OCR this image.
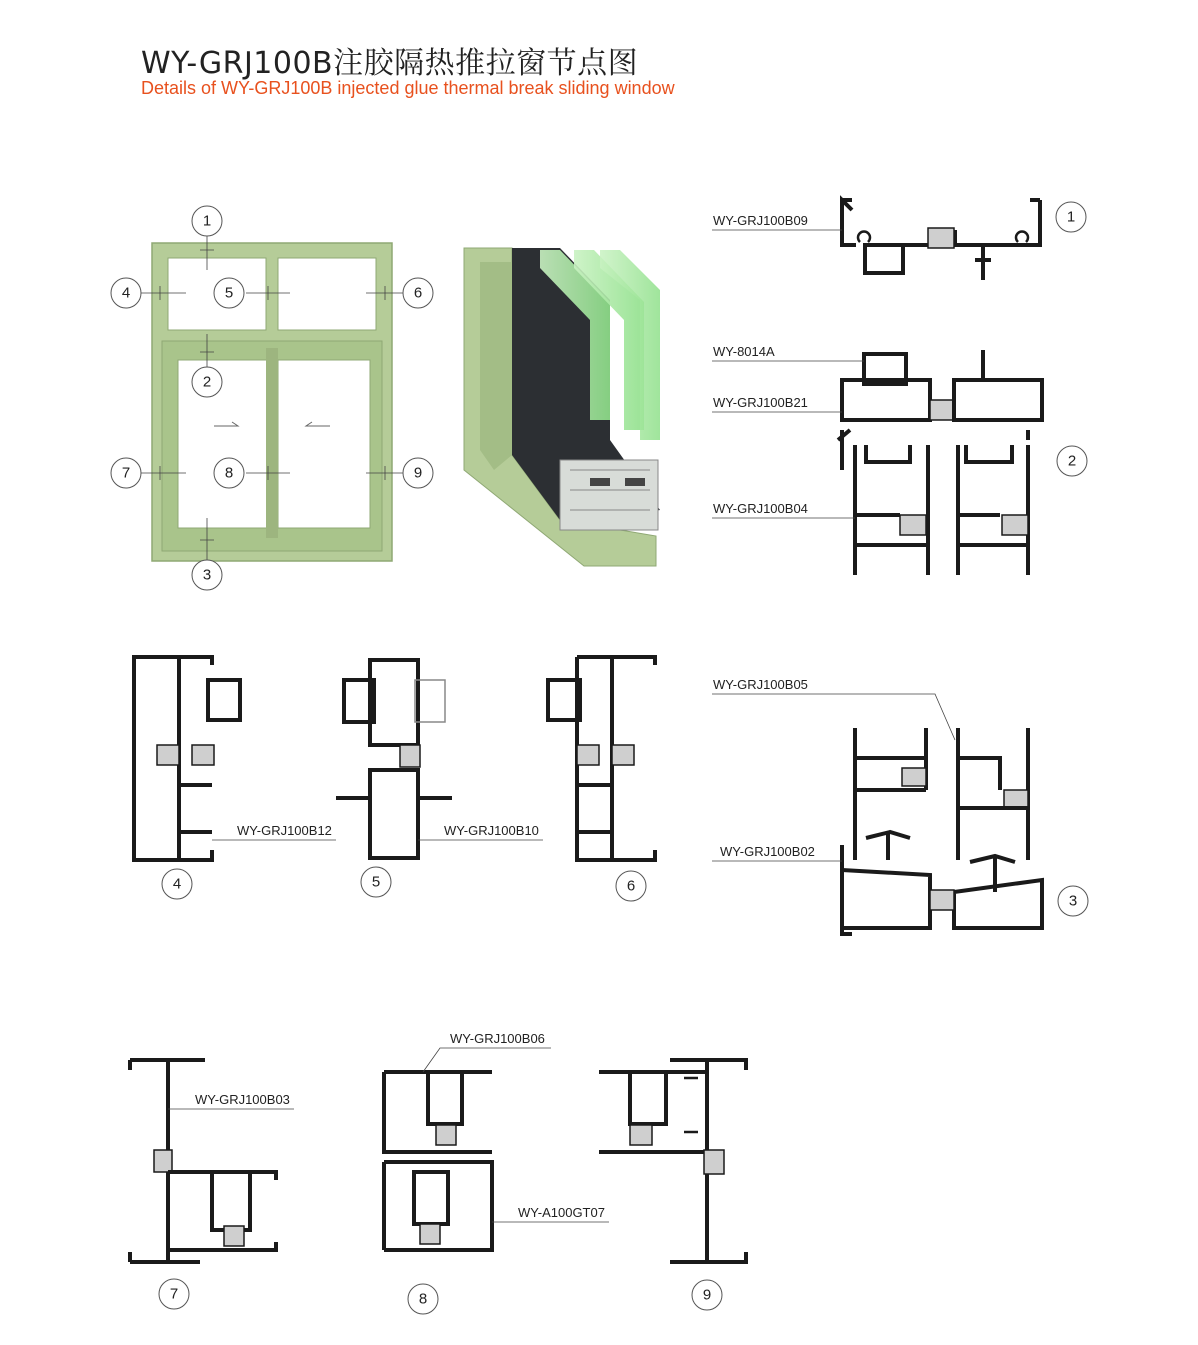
WY-GRJ100B注胶隔热推拉窗节点图
Details of WY-GRJ100B injected glue thermal break sliding window
1
2
3
4	5	6
7	8	9
WY-GRJ100B09	1
WY-8014A
WY-GRJ100B21
WY-GRJ100B04
2
WY-GRJ100B05
WY-GRJ100B02
3
WY-GRJ100B12
4
WY-GRJ100B10
5	6
WY-GRJ100B03
7
WY-GRJ100B06
WY-A100GT07
8	9
